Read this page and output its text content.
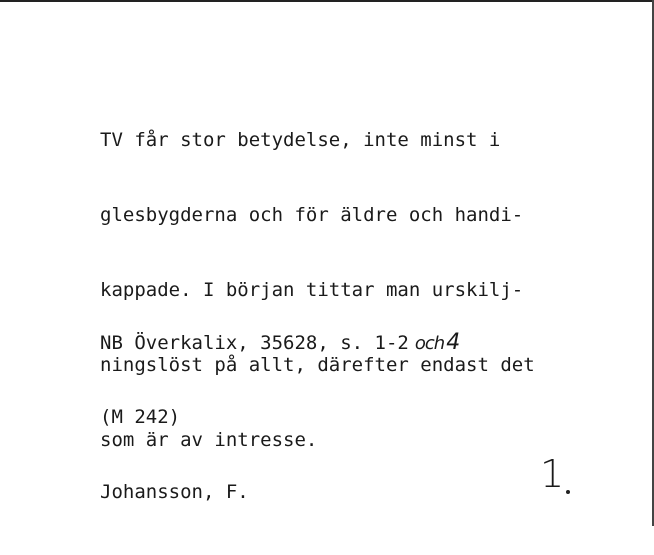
TV får stor betydelse, inte minst i

glesbygderna och för äldre och handi-

kappade. I början tittar man urskilj-

ningslöst på allt, därefter endast det

som är av intresse.

NB Överkalix, 35628, s. 1-2 och4

(M 242)

Johansson, F.

	1
